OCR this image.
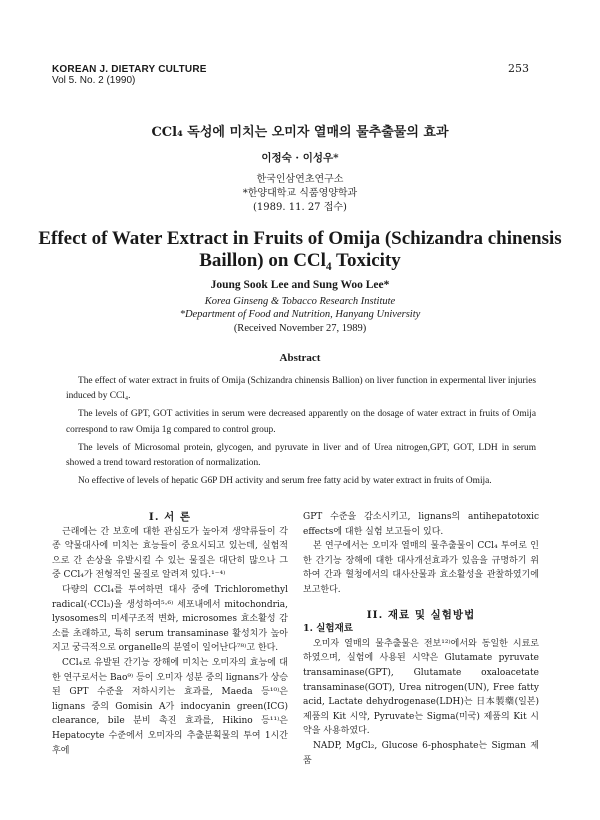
KOREAN J. DIETARY CULTURE
Vol 5. No. 2 (1990)
253
CCl₄ 독성에 미치는 오미자 열매의 물추출물의 효과
이정숙 · 이성우*
한국인삼연초연구소
*한양대학교 식품영양학과
(1989. 11. 27 접수)
Effect of Water Extract in Fruits of Omija (Schizandra chinensis
Baillon) on CCl₄ Toxicity
Joung Sook Lee and Sung Woo Lee*
Korea Ginseng & Tobacco Research Institute
*Department of Food and Nutrition, Hanyang University
(Received November 27, 1989)
Abstract

The effect of water extract in fruits of Omija (Schizandra chinensis Ballion) on liver function in expermental liver injuries induced by CCl₄.

The levels of GPT, GOT activities in serum were decreased apparently on the dosage of water extract in fruits of Omija correspond to raw Omija 1g compared to control group.

The levels of Microsomal protein, glycogen, and pyruvate in liver and of Urea nitrogen,GPT, GOT, LDH in serum showed a trend toward restoration of normalization.

No effective of levels of hepatic G6P DH activity and serum free fatty acid by water extract in fruits of Omija.

I. 서 론

근래에는 간 보호에 대한 관심도가 높아져 생약류들이 각종 약물대사에 미치는 효능들이 중요시되고 있는데, 실험적으로 간 손상을 유발시킬 수 있는 물질은 대단히 많으나 그 중 CCl₄가 전형적인 물질로 알려져 있다.¹⁻⁴⁾

다량의 CCl₄를 투여하면 대사 중에 Trichloromethyl radical(·CCl₃)을 생성하여⁵·⁶⁾ 세포내에서 mitochondria, lysosomes의 미세구조적 변화, microsomes 효소활성 감소를 초래하고, 특히 serum transaminase 활성치가 높아지고 궁극적으로 organelle의 분열이 일어난다⁷⁸⁾고 한다.

CCl₄로 유발된 간기능 장해에 미치는 오미자의 효능에 대한 연구로서는 Bao⁹⁾ 등이 오미자 성분 중의 lignans가 상승된 GPT 수준을 저하시키는 효과를, Maeda 등¹⁰⁾은 lignans 중의 Gomisin A가 indocyanin green(ICG) clearance, bile 분비 촉진 효과를, Hikino 등¹¹⁾은 Hepatocyte 수준에서 오미자의 추출분획물의 투여 1시간 후에

GPT 수준을 감소시키고, lignans의 antihepatotoxic effects에 대한 실험 보고들이 있다.

본 연구에서는 오미자 열매의 물추출물이 CCl₄ 투여로 인한 간기능 장해에 대한 대사개선효과가 있음을 규명하기 위하여 간과 혈청에서의 대사산물과 효소활성을 관찰하였기에 보고한다.

II. 재료 및 실험방법

1. 실험재료

오미자 열매의 물추출물은 전보¹²⁾에서와 동일한 시료로 하였으며, 실험에 사용된 시약은 Glutamate pyruvate transaminase(GPT), Glutamate oxaloacetate transaminase(GOT), Urea nitrogen(UN), Free fatty acid, Lactate dehydrogenase(LDH)는 日本製藥(일본) 제품의 Kit 시약, Pyruvate는 Sigma(미국) 제품의 Kit 시약을 사용하였다.

NADP, MgCl₂, Glucose 6-phosphate는 Sigman 제품
